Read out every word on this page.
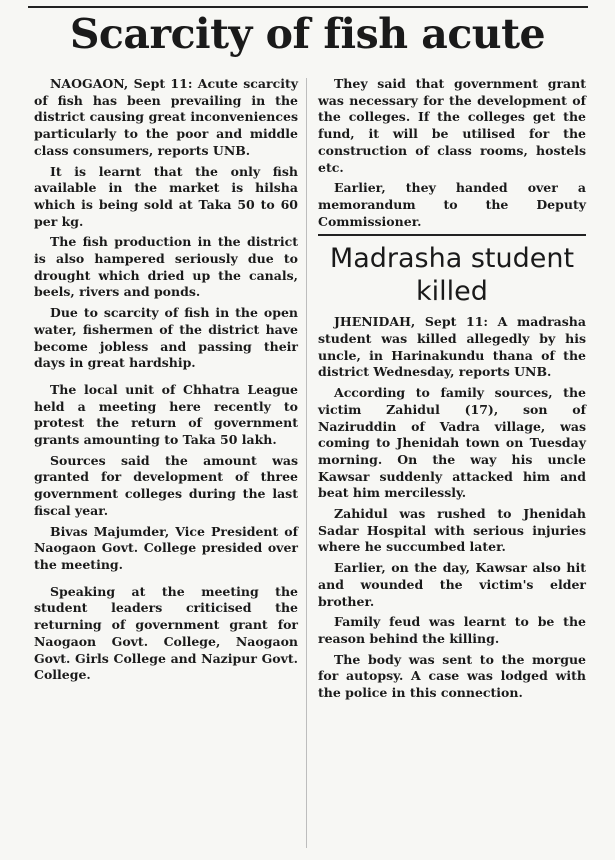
Scarcity of fish acute

NAOGAON, Sept 11: Acute scarcity of fish has been prevailing in the district causing great inconveniences particularly to the poor and middle class consumers, reports UNB.

It is learnt that the only fish available in the market is hilsha which is being sold at Taka 50 to 60 per kg.

The fish production in the district is also hampered seriously due to drought which dried up the canals, beels, rivers and ponds.

Due to scarcity of fish in the open water, fishermen of the district have become jobless and passing their days in great hardship.

The local unit of Chhatra League held a meeting here recently to protest the return of government grants amounting to Taka 50 lakh.

Sources said the amount was granted for development of three government colleges during the last fiscal year.

Bivas Majumder, Vice President of Naogaon Govt. College presided over the meeting.

Speaking at the meeting the student leaders criticised the returning of government grant for Naogaon Govt. College, Naogaon Govt. Girls College and Nazipur Govt. College.

They said that government grant was necessary for the development of the colleges. If the colleges get the fund, it will be utilised for the construction of class rooms, hostels etc.

Earlier, they handed over a memorandum to the Deputy Commissioner.

Madrasha student killed

JHENIDAH, Sept 11: A madrasha student was killed allegedly by his uncle, in Harinakundu thana of the district Wednesday, reports UNB.

According to family sources, the victim Zahidul (17), son of Naziruddin of Vadra village, was coming to Jhenidah town on Tuesday morning. On the way his uncle Kawsar suddenly attacked him and beat him mercilessly.

Zahidul was rushed to Jhenidah Sadar Hospital with serious injuries where he succumbed later.

Earlier, on the day, Kawsar also hit and wounded the victim's elder brother.

Family feud was learnt to be the reason behind the killing.

The body was sent to the morgue for autopsy. A case was lodged with the police in this connection.
